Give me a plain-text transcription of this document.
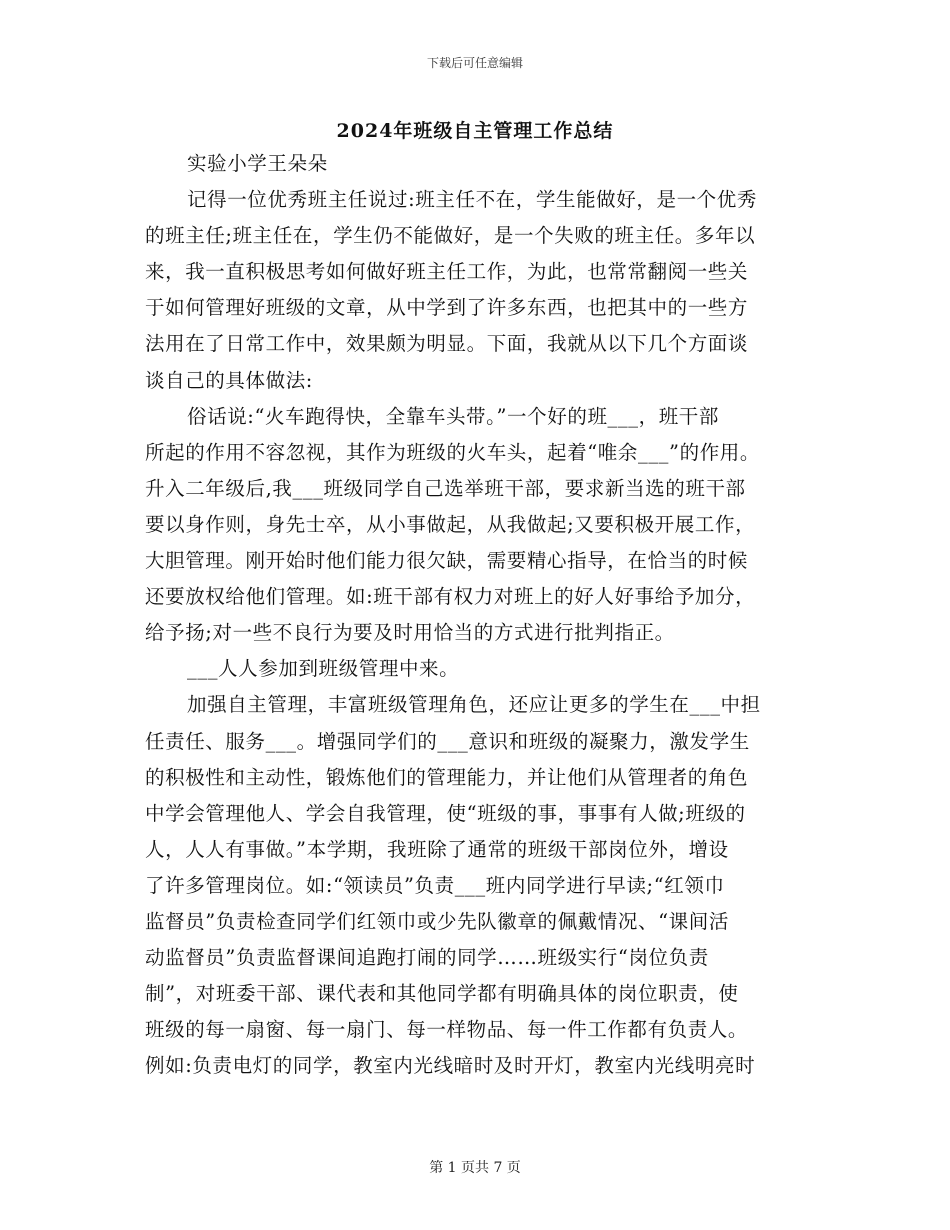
下载后可任意编辑
2024年班级自主管理工作总结
实验小学王朵朵
记得一位优秀班主任说过:班主任不在，学生能做好，是一个优秀
的班主任;班主任在，学生仍不能做好，是一个失败的班主任。多年以
来，我一直积极思考如何做好班主任工作，为此，也常常翻阅一些关
于如何管理好班级的文章，从中学到了许多东西，也把其中的一些方
法用在了日常工作中，效果颇为明显。下面，我就从以下几个方面谈
谈自己的具体做法:
俗话说:“火车跑得快，全靠车头带。”一个好的班___，班干部
所起的作用不容忽视，其作为班级的火车头，起着“唯余___”的作用。
升入二年级后,我___班级同学自己选举班干部，要求新当选的班干部
要以身作则，身先士卒，从小事做起，从我做起;又要积极开展工作，
大胆管理。刚开始时他们能力很欠缺，需要精心指导，在恰当的时候
还要放权给他们管理。如:班干部有权力对班上的好人好事给予加分，
给予扬;对一些不良行为要及时用恰当的方式进行批判指正。
___人人参加到班级管理中来。
加强自主管理，丰富班级管理角色，还应让更多的学生在___中担
任责任、服务___。增强同学们的___意识和班级的凝聚力，激发学生
的积极性和主动性，锻炼他们的管理能力，并让他们从管理者的角色
中学会管理他人、学会自我管理，使“班级的事，事事有人做;班级的
人，人人有事做。”本学期，我班除了通常的班级干部岗位外，增设
了许多管理岗位。如:“领读员”负责___班内同学进行早读;“红领巾
监督员”负责检查同学们红领巾或少先队徽章的佩戴情况、“课间活
动监督员”负责监督课间追跑打闹的同学……班级实行“岗位负责
制”，对班委干部、课代表和其他同学都有明确具体的岗位职责，使
班级的每一扇窗、每一扇门、每一样物品、每一件工作都有负责人。
例如:负责电灯的同学，教室内光线暗时及时开灯，教室内光线明亮时
第 1 页共 7 页
